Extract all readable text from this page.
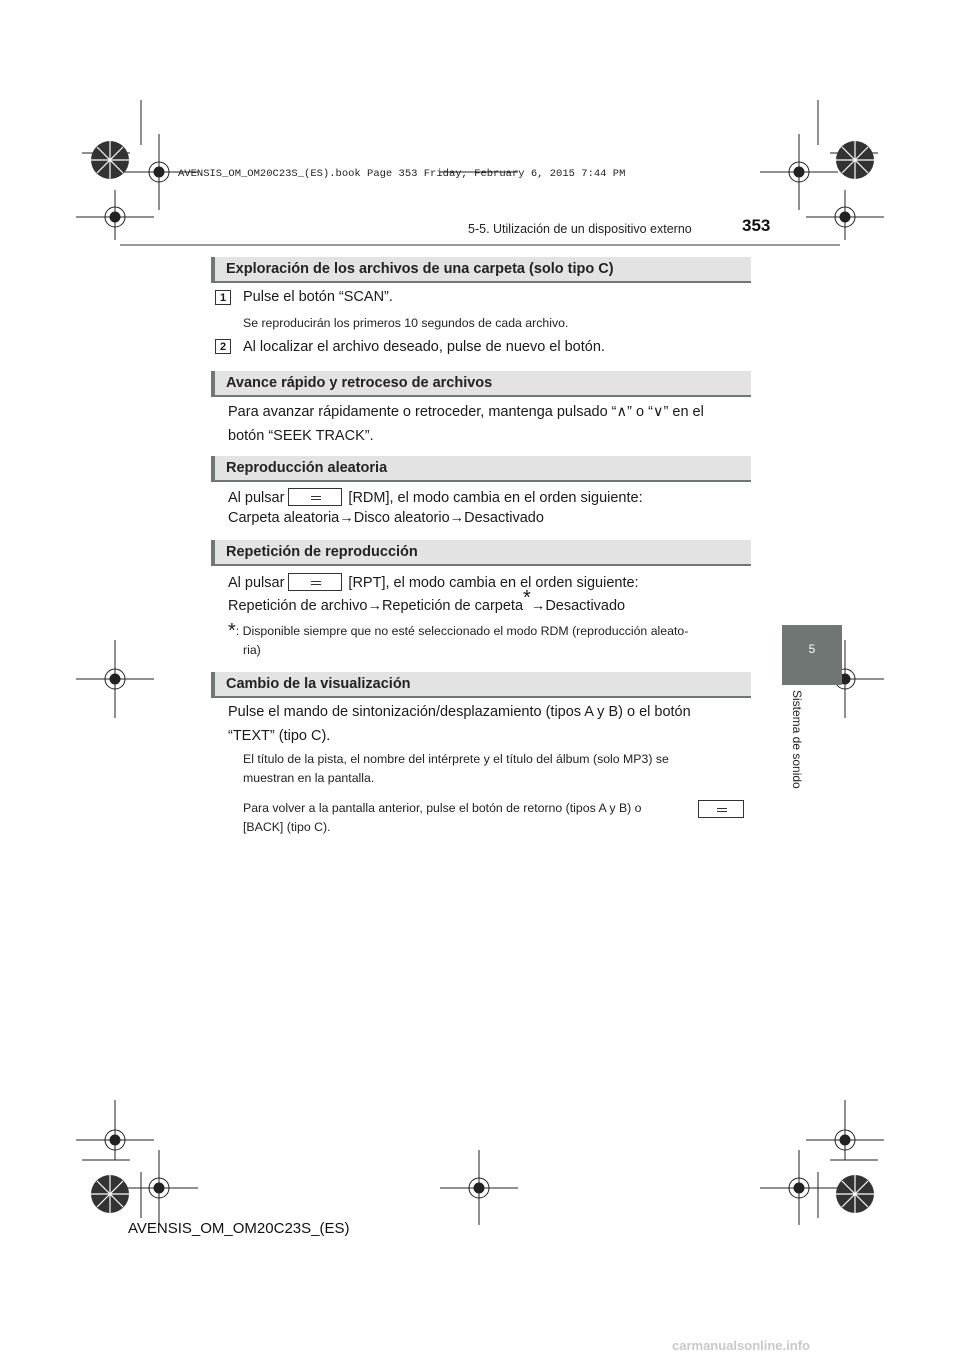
AVENSIS_OM_OM20C23S_(ES).book Page 353 Friday, February 6, 2015 7:44 PM
5-5. Utilización de un dispositivo externo	353
5
Sistema de sonido
Exploración de los archivos de una carpeta (solo tipo C)
1	Pulse el botón “SCAN”.
Se reproducirán los primeros 10 segundos de cada archivo.
2	Al localizar el archivo deseado, pulse de nuevo el botón.
Avance rápido y retroceso de archivos
Para avanzar rápidamente o retroceder, mantenga pulsado “∧” o “∨” en el
botón “SEEK TRACK”.
Reproducción aleatoria
Al pulsar	[RDM], el modo cambia en el orden siguiente:
Carpeta aleatoria→Disco aleatorio→Desactivado
Repetición de reproducción
Al pulsar	[RPT], el modo cambia en el orden siguiente:
Repetición de archivo→Repetición de carpeta*→Desactivado
*: Disponible siempre que no esté seleccionado el modo RDM (reproducción aleato-
ria)
Cambio de la visualización
Pulse el mando de sintonización/desplazamiento (tipos A y B) o el botón
“TEXT” (tipo C).
El título de la pista, el nombre del intérprete y el título del álbum (solo MP3) se
muestran en la pantalla.
Para volver a la pantalla anterior, pulse el botón de retorno (tipos A y B) o
[BACK] (tipo C).
AVENSIS_OM_OM20C23S_(ES)
carmanualsonline.info
